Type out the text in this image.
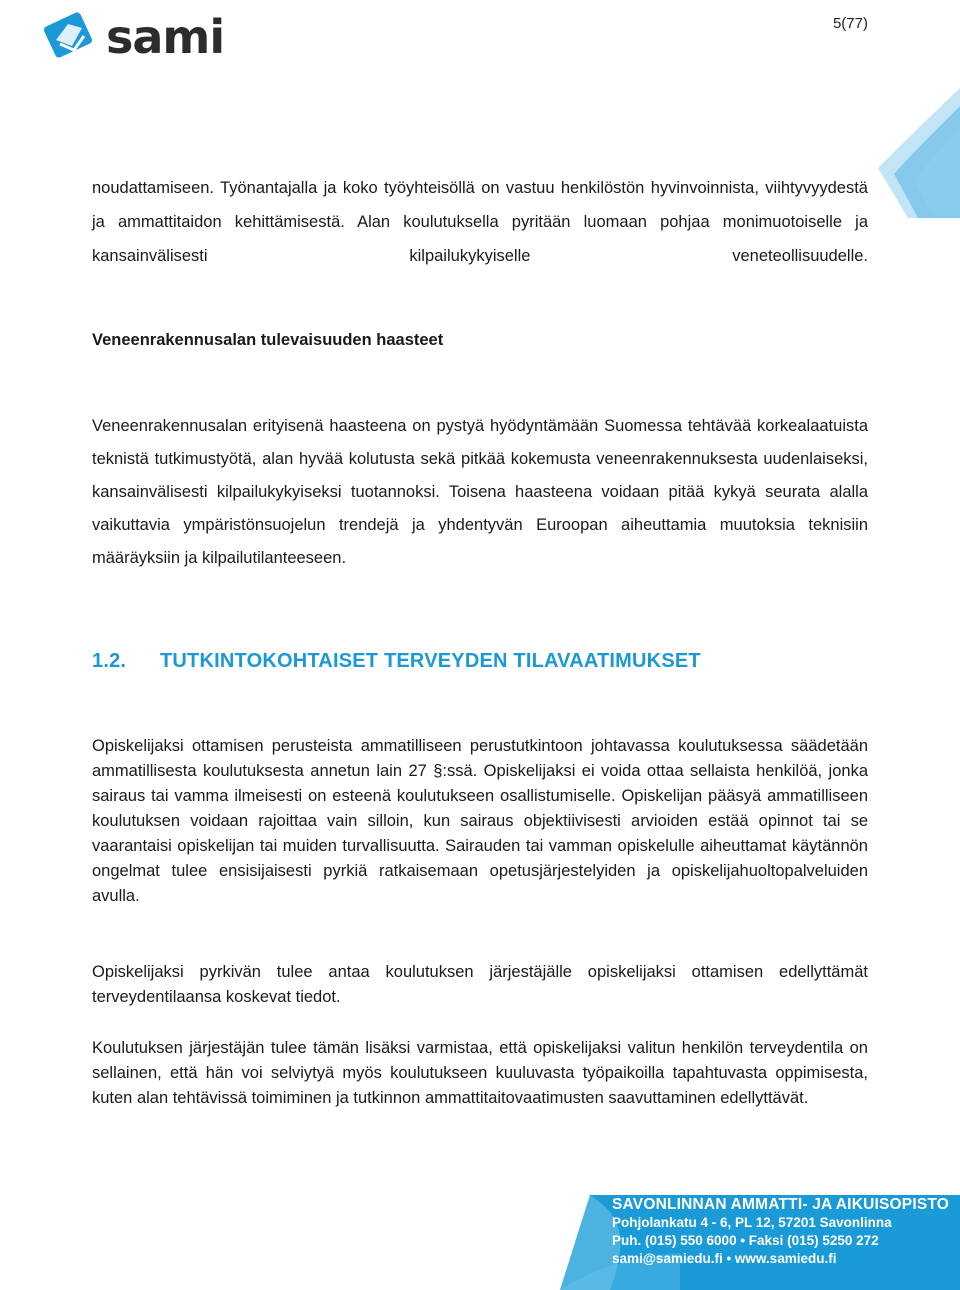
sami	5(77)

noudattamiseen. Työnantajalla ja koko työyhteisöllä on vastuu henkilöstön hyvinvoinnista, viihtyvyydestä ja ammattitaidon kehittämisestä. Alan koulutuksella pyritään luomaan pohjaa monimuotoiselle ja kansainvälisesti kilpailukykyiselle veneteollisuudelle.

Veneenrakennusalan tulevaisuuden haasteet

Veneenrakennusalan erityisenä haasteena on pystyä hyödyntämään Suomessa tehtävää korkealaatuista teknistä tutkimustyötä, alan hyvää kolutusta sekä pitkää kokemusta veneenrakennuksesta uudenlaiseksi, kansainvälisesti kilpailukykyiseksi tuotannoksi. Toisena haasteena voidaan pitää kykyä seurata alalla vaikuttavia ympäristönsuojelun trendejä ja yhdentyvän Euroopan aiheuttamia muutoksia teknisiin määräyksiin ja kilpailutilanteeseen.

1.2.	TUTKINTOKOHTAISET TERVEYDEN TILAVAATIMUKSET

Opiskelijaksi ottamisen perusteista ammatilliseen perustutkintoon johtavassa koulutuksessa säädetään ammatillisesta koulutuksesta annetun lain 27 §:ssä. Opiskelijaksi ei voida ottaa sellaista henkilöä, jonka sairaus tai vamma ilmeisesti on esteenä koulutukseen osallistumiselle. Opiskelijan pääsyä ammatilliseen koulutuksen voidaan rajoittaa vain silloin, kun sairaus objektiivisesti arvioiden estää opinnot tai se vaarantaisi opiskelijan tai muiden turvallisuutta. Sairauden tai vamman opiskelulle aiheuttamat käytännön ongelmat tulee ensisijaisesti pyrkiä ratkaisemaan opetusjärjestelyiden ja opiskelijahuoltopalveluiden avulla.

Opiskelijaksi pyrkivän tulee antaa koulutuksen järjestäjälle opiskelijaksi ottamisen edellyttämät terveydentilaansa koskevat tiedot.

Koulutuksen järjestäjän tulee tämän lisäksi varmistaa, että opiskelijaksi valitun henkilön terveydentila on sellainen, että hän voi selviytyä myös koulutukseen kuuluvasta työpaikoilla tapahtuvasta oppimisesta, kuten alan tehtävissä toimiminen ja tutkinnon ammattitaitovaatimusten saavuttaminen edellyttävät.

SAVONLINNAN AMMATTI- JA AIKUISOPISTO
Pohjolankatu 4 - 6, PL 12, 57201 Savonlinna
Puh. (015) 550 6000 • Faksi (015) 5250 272
sami@samiedu.fi • www.samiedu.fi
